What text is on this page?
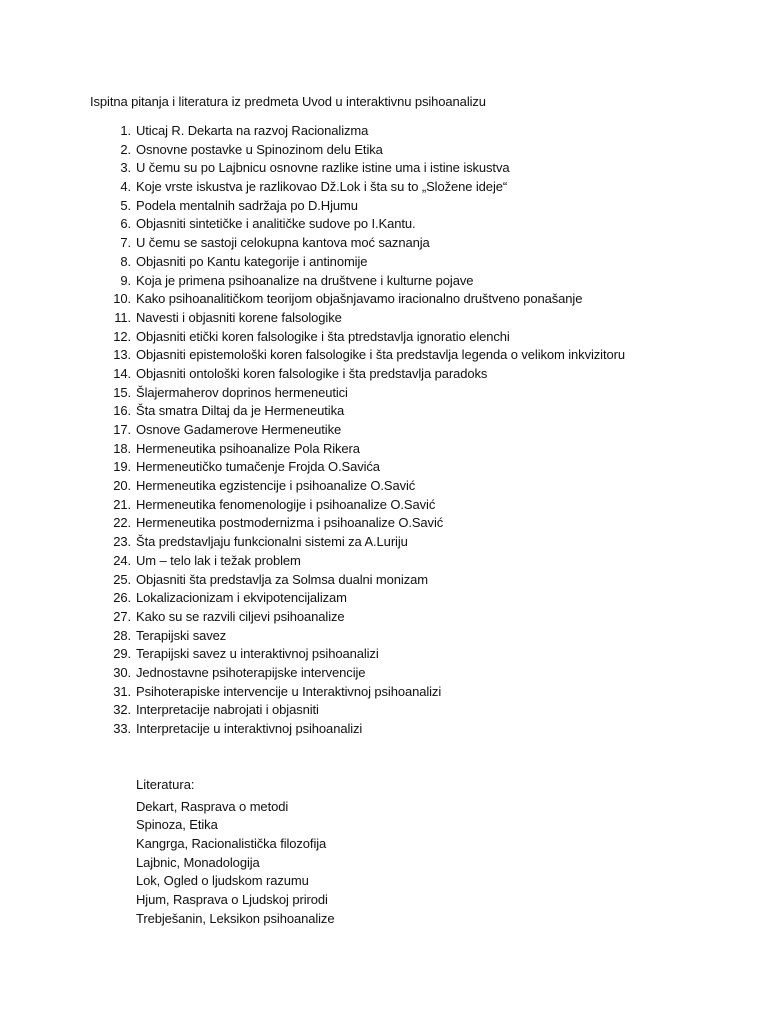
Ispitna pitanja i literatura iz predmeta Uvod u interaktivnu psihoanalizu
1. Uticaj R. Dekarta na razvoj Racionalizma
2. Osnovne postavke u Spinozinom delu Etika
3. U čemu su po Lajbnicu osnovne razlike istine uma i istine iskustva
4. Koje vrste iskustva je razlikovao Dž.Lok i šta su to „Složene ideje“
5. Podela mentalnih sadržaja po D.Hjumu
6. Objasniti sintetičke i analitičke sudove po I.Kantu.
7. U čemu se sastoji celokupna kantova moć saznanja
8. Objasniti po Kantu kategorije i antinomije
9. Koja je primena psihoanalize na društvene i kulturne pojave
10. Kako psihoanalitičkom teorijom objašnjavamo iracionalno društveno ponašanje
11. Navesti i objasniti korene falsologike
12. Objasniti etički koren falsologike i šta ptredstavlja ignoratio elenchi
13. Objasniti epistemološki koren falsologike i šta predstavlja legenda o velikom inkvizitoru
14. Objasniti ontološki koren falsologike i šta predstavlja paradoks
15. Šlajermaherov doprinos hermeneutici
16. Šta smatra Diltaj da je Hermeneutika
17. Osnove Gadamerove Hermeneutike
18. Hermeneutika psihoanalize Pola Rikera
19. Hermeneutičko tumačenje Frojda O.Savića
20. Hermeneutika egzistencije i psihoanalize O.Savić
21. Hermeneutika fenomenologije i psihoanalize O.Savić
22. Hermeneutika postmodernizma i psihoanalize O.Savić
23. Šta predstavljaju funkcionalni sistemi za A.Luriju
24. Um – telo lak i težak problem
25. Objasniti šta predstavlja za Solmsa dualni monizam
26. Lokalizacionizam i ekvipotencijalizam
27. Kako su se razvili ciljevi psihoanalize
28. Terapijski savez
29. Terapijski savez u interaktivnoj psihoanalizi
30. Jednostavne psihoterapijske intervencije
31. Psihoterapiske intervencije u Interaktivnoj psihoanalizi
32. Interpretacije nabrojati i objasniti
33. Interpretacije u interaktivnoj psihoanalizi
Literatura:
Dekart, Rasprava o metodi
Spinoza, Etika
Kangrga, Racionalistička filozofija
Lajbnic, Monadologija
Lok, Ogled o ljudskom razumu
Hjum, Rasprava o Ljudskoj prirodi
Trebješanin, Leksikon psihoanalize
